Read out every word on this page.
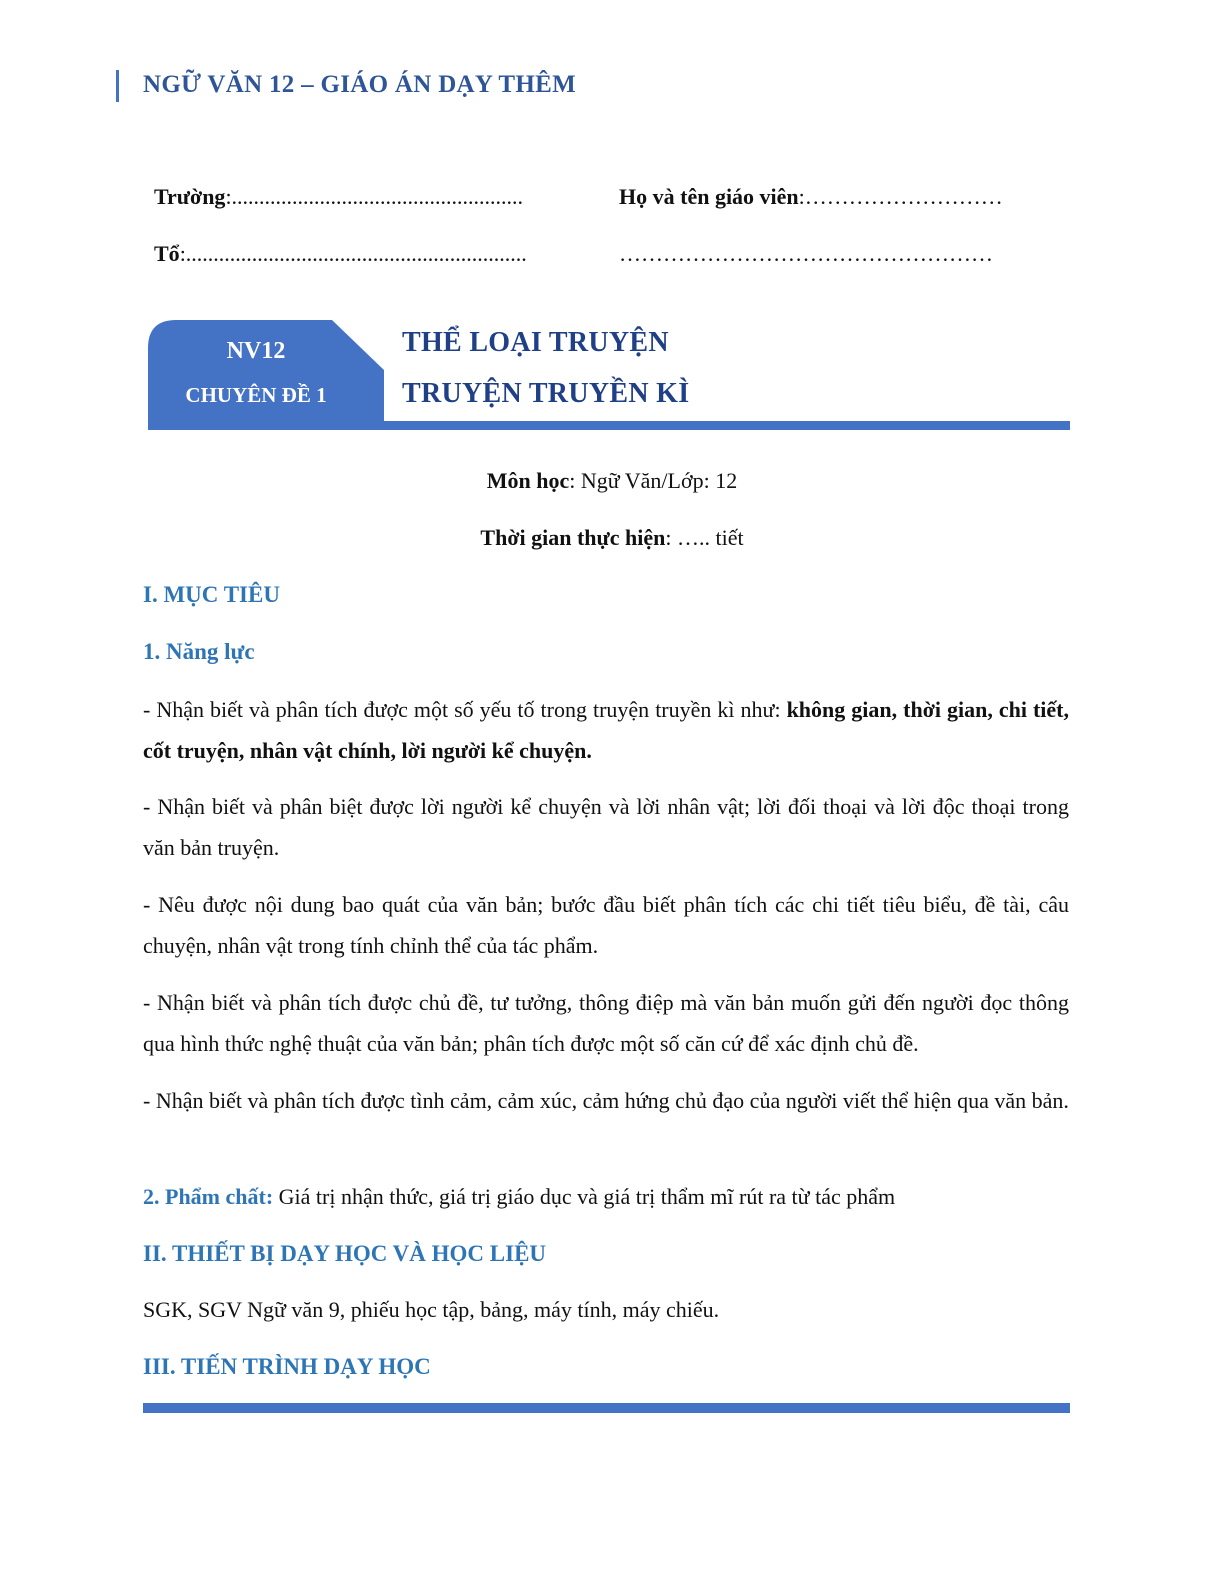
NGỮ VĂN 12 – GIÁO ÁN DẠY THÊM
Trường:.....................................................	Họ và tên giáo viên:………………………
Tổ:..............................................................	……………………………………………
NV12
CHUYÊN ĐỀ 1
THỂ LOẠI TRUYỆN
TRUYỆN TRUYỀN KÌ
Môn học: Ngữ Văn/Lớp: 12
Thời gian thực hiện: ….. tiết
I. MỤC TIÊU
1. Năng lực
- Nhận biết và phân tích được một số yếu tố trong truyện truyền kì như: không gian, thời gian, chi tiết, cốt truyện, nhân vật chính, lời người kể chuyện.
- Nhận biết và phân biệt được lời người kể chuyện và lời nhân vật; lời đối thoại và lời độc thoại trong văn bản truyện.
- Nêu được nội dung bao quát của văn bản; bước đầu biết phân tích các chi tiết tiêu biểu, đề tài, câu chuyện, nhân vật trong tính chỉnh thể của tác phẩm.
- Nhận biết và phân tích được chủ đề, tư tưởng, thông điệp mà văn bản muốn gửi đến người đọc thông qua hình thức nghệ thuật của văn bản; phân tích được một số căn cứ để xác định chủ đề.
- Nhận biết và phân tích được tình cảm, cảm xúc, cảm hứng chủ đạo của người viết thể hiện qua văn bản.
2. Phẩm chất: Giá trị nhận thức, giá trị giáo dục và giá trị thẩm mĩ rút ra từ tác phẩm
II. THIẾT BỊ DẠY HỌC VÀ HỌC LIỆU
SGK, SGV Ngữ văn 9, phiếu học tập, bảng, máy tính, máy chiếu.
III. TIẾN TRÌNH DẠY HỌC
